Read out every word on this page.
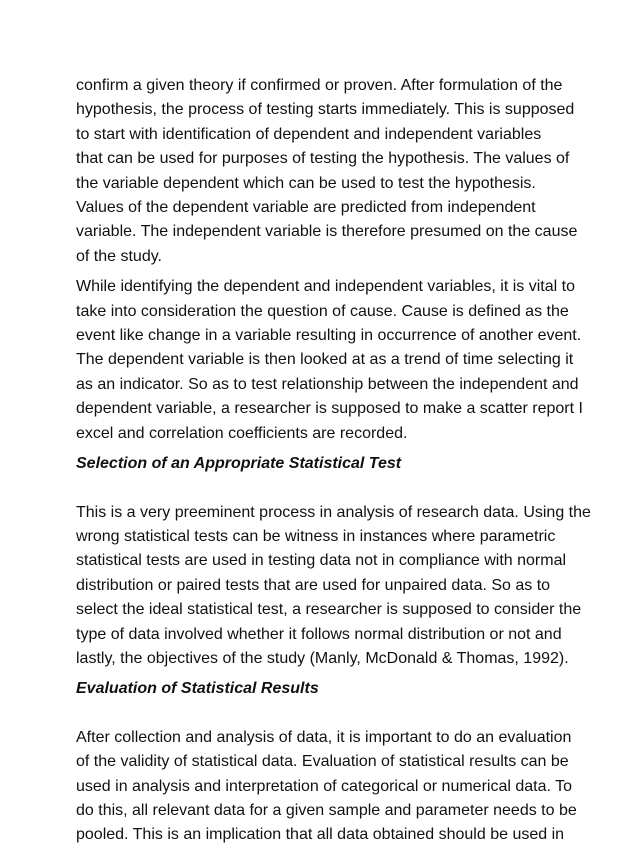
confirm a given theory if confirmed or proven. After formulation of the
hypothesis, the process of testing starts immediately. This is supposed
to start with identification of dependent and independent variables
that can be used for purposes of testing the hypothesis. The values of
the variable dependent which can be used to test the hypothesis.
Values of the dependent variable are predicted from independent
variable. The independent variable is therefore presumed on the cause
of the study.
While identifying the dependent and independent variables, it is vital to
take into consideration the question of cause. Cause is defined as the
event like change in a variable resulting in occurrence of another event.
The dependent variable is then looked at as a trend of time selecting it
as an indicator. So as to test relationship between the independent and
dependent variable, a researcher is supposed to make a scatter report I
excel and correlation coefficients are recorded.
Selection of an Appropriate Statistical Test
This is a very preeminent process in analysis of research data. Using the
wrong statistical tests can be witness in instances where parametric
statistical tests are used in testing data not in compliance with normal
distribution or paired tests that are used for unpaired data. So as to
select the ideal statistical test, a researcher is supposed to consider the
type of data involved whether it follows normal distribution or not and
lastly, the objectives of the study (Manly, McDonald & Thomas, 1992).
Evaluation of Statistical Results
After collection and analysis of data, it is important to do an evaluation
of the validity of statistical data. Evaluation of statistical results can be
used in analysis and interpretation of categorical or numerical data. To
do this, all relevant data for a given sample and parameter needs to be
pooled. This is an implication that all data obtained should be used in
